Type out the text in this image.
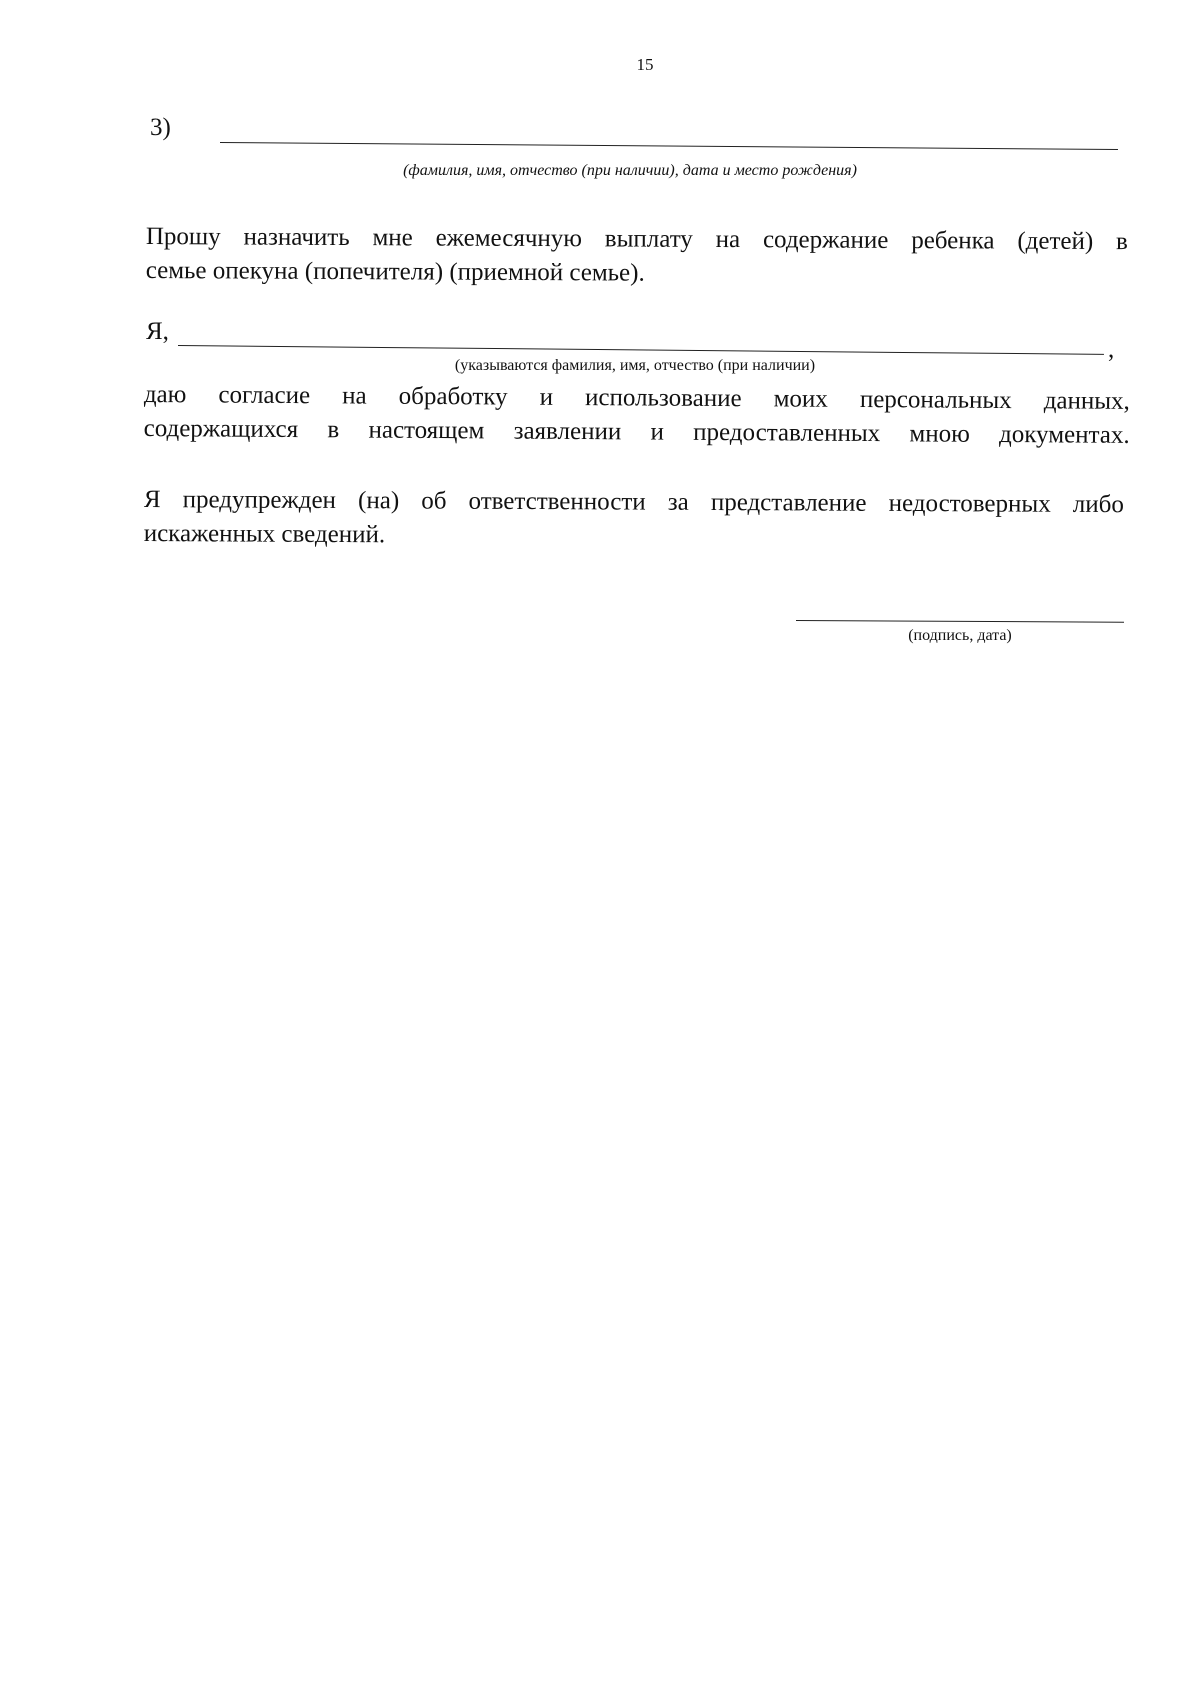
15
3)
(фамилия, имя, отчество (при наличии), дата и место рождения)
Прошу назначить мне ежемесячную выплату на содержание ребенка (детей) в
семье опекуна (попечителя) (приемной семье).
Я,
,
(указываются фамилия, имя, отчество (при наличии)
даю согласие на обработку и использование моих персональных данных,
содержащихся в настоящем заявлении и предоставленных мною документах.
Я предупрежден (на) об ответственности за представление недостоверных либо
искаженных сведений.
(подпись, дата)
